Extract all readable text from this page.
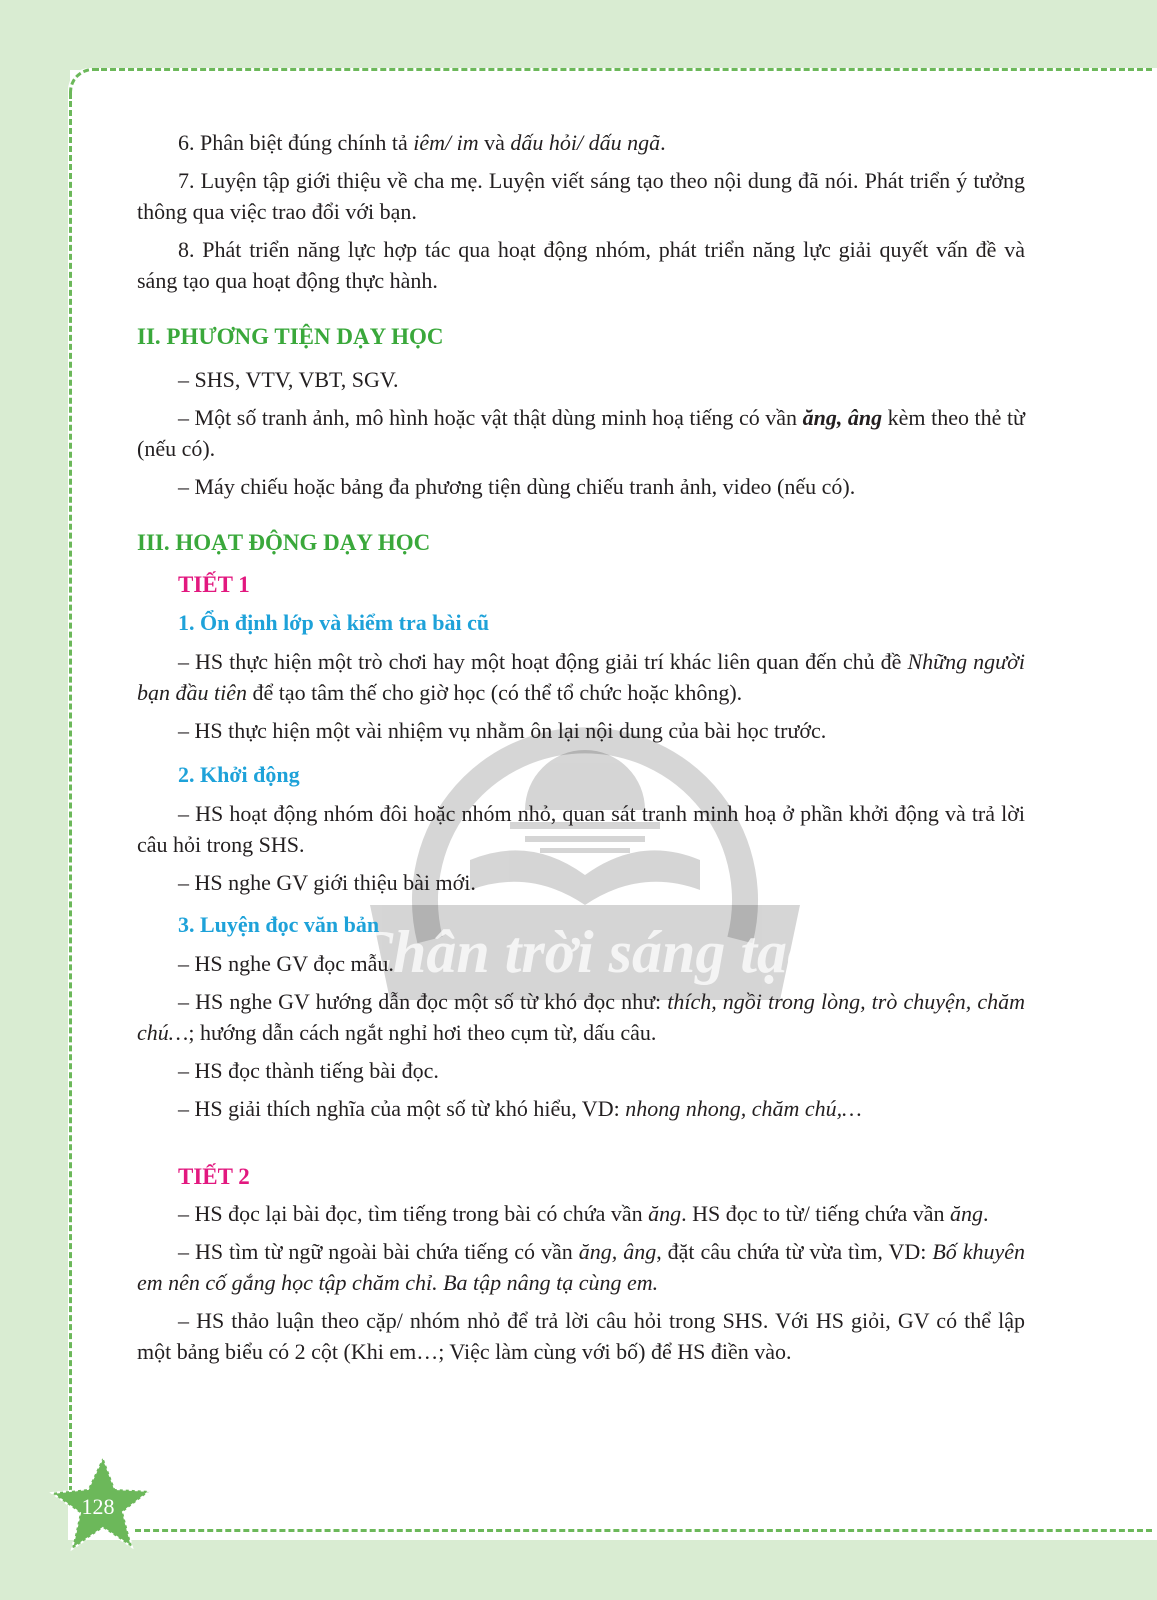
Chân trời sáng tạo

6. Phân biệt đúng chính tả iêm/ im và dấu hỏi/ dấu ngã.

7. Luyện tập giới thiệu về cha mẹ. Luyện viết sáng tạo theo nội dung đã nói. Phát triển ý tưởng thông qua việc trao đổi với bạn.

8. Phát triển năng lực hợp tác qua hoạt động nhóm, phát triển năng lực giải quyết vấn đề và sáng tạo qua hoạt động thực hành.

II. PHƯƠNG TIỆN DẠY HỌC

– SHS, VTV, VBT, SGV.

– Một số tranh ảnh, mô hình hoặc vật thật dùng minh hoạ tiếng có vần ăng, âng kèm theo thẻ từ (nếu có).

– Máy chiếu hoặc bảng đa phương tiện dùng chiếu tranh ảnh, video (nếu có).

III. HOẠT ĐỘNG DẠY HỌC
TIẾT 1
1. Ổn định lớp và kiểm tra bài cũ

– HS thực hiện một trò chơi hay một hoạt động giải trí khác liên quan đến chủ đề Những người bạn đầu tiên để tạo tâm thế cho giờ học (có thể tổ chức hoặc không).

– HS thực hiện một vài nhiệm vụ nhằm ôn lại nội dung của bài học trước.

2. Khởi động

– HS hoạt động nhóm đôi hoặc nhóm nhỏ, quan sát tranh minh hoạ ở phần khởi động và trả lời câu hỏi trong SHS.

– HS nghe GV giới thiệu bài mới.

3. Luyện đọc văn bản

– HS nghe GV đọc mẫu.

– HS nghe GV hướng dẫn đọc một số từ khó đọc như: thích, ngồi trong lòng, trò chuyện, chăm chú…; hướng dẫn cách ngắt nghỉ hơi theo cụm từ, dấu câu.

– HS đọc thành tiếng bài đọc.

– HS giải thích nghĩa của một số từ khó hiểu, VD: nhong nhong, chăm chú,…

TIẾT 2

– HS đọc lại bài đọc, tìm tiếng trong bài có chứa vần ăng. HS đọc to từ/ tiếng chứa vần ăng.

– HS tìm từ ngữ ngoài bài chứa tiếng có vần ăng, âng, đặt câu chứa từ vừa tìm, VD: Bố khuyên em nên cố gắng học tập chăm chỉ. Ba tập nâng tạ cùng em.

– HS thảo luận theo cặp/ nhóm nhỏ để trả lời câu hỏi trong SHS. Với HS giỏi, GV có thể lập một bảng biểu có 2 cột (Khi em…; Việc làm cùng với bố) để HS điền vào.

128
